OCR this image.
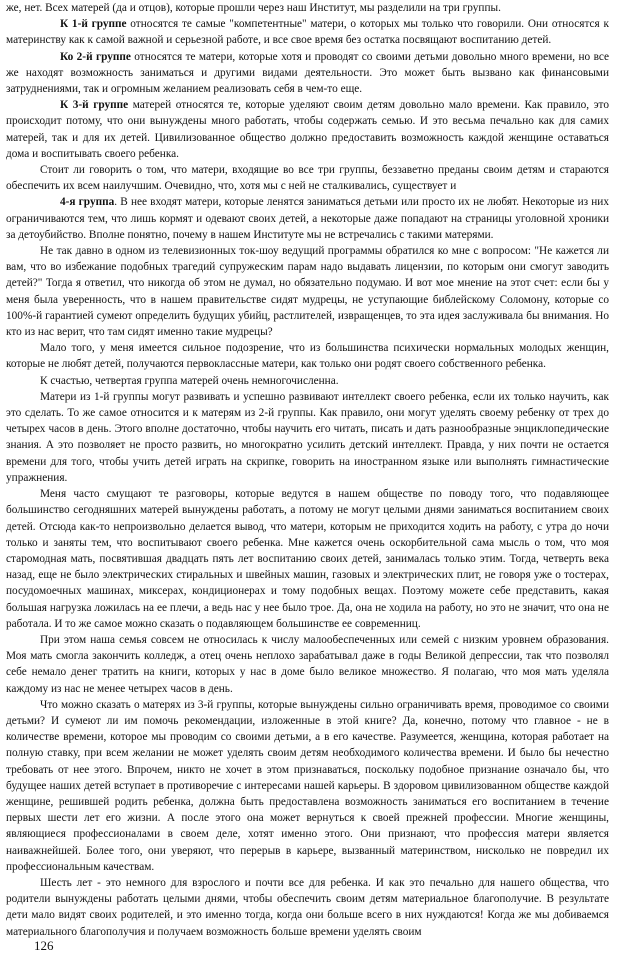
же, нет. Всех матерей (да и отцов), которые прошли через наш Институт, мы разделили на три группы.

К 1-й группе относятся те самые "компетентные" матери, о которых мы только что говорили. Они относятся к материнству как к самой важной и серьезной работе, и все свое время без остатка посвящают воспитанию детей.

Ко 2-й группе относятся те матери, которые хотя и проводят со своими детьми довольно много времени, но все же находят возможность заниматься и другими видами деятельности. Это может быть вызвано как финансовыми затруднениями, так и огромным желанием реализовать себя в чем-то еще.

К 3-й группе матерей относятся те, которые уделяют своим детям довольно мало времени. Как правило, это происходит потому, что они вынуждены много работать, чтобы содержать семью. И это весьма печально как для самих матерей, так и для их детей. Цивилизованное общество должно предоставить возможность каждой женщине оставаться дома и воспитывать своего ребенка.

Стоит ли говорить о том, что матери, входящие во все три группы, беззаветно преданы своим детям и стараются обеспечить их всем наилучшим. Очевидно, что, хотя мы с ней не сталкивались, существует и

4-я группа. В нее входят матери, которые ленятся заниматься детьми или просто их не любят. Некоторые из них ограничиваются тем, что лишь кормят и одевают своих детей, а некоторые даже попадают на страницы уголовной хроники за детоубийство. Вполне понятно, почему в нашем Институте мы не встречались с такими матерями.

Не так давно в одном из телевизионных ток-шоу ведущий программы обратился ко мне с вопросом: "Не кажется ли вам, что во избежание подобных трагедий супружеским парам надо выдавать лицензии, по которым они смогут заводить детей?" Тогда я ответил, что никогда об этом не думал, но обязательно подумаю. И вот мое мнение на этот счет: если бы у меня была уверенность, что в нашем правительстве сидят мудрецы, не уступающие библейскому Соломону, которые со 100%-й гарантией сумеют определить будущих убийц, растлителей, извращенцев, то эта идея заслуживала бы внимания. Но кто из нас верит, что там сидят именно такие мудрецы?

Мало того, у меня имеется сильное подозрение, что из большинства психически нормальных молодых женщин, которые не любят детей, получаются первоклассные матери, как только они родят своего собственного ребенка.

К счастью, четвертая группа матерей очень немногочисленна.

Матери из 1-й группы могут развивать и успешно развивают интеллект своего ребенка, если их только научить, как это сделать. То же самое относится и к матерям из 2-й группы. Как правило, они могут уделять своему ребенку от трех до четырех часов в день. Этого вполне достаточно, чтобы научить его читать, писать и дать разнообразные энциклопедические знания. А это позволяет не просто развить, но многократно усилить детский интеллект. Правда, у них почти не остается времени для того, чтобы учить детей играть на скрипке, говорить на иностранном языке или выполнять гимнастические упражнения.

Меня часто смущают те разговоры, которые ведутся в нашем обществе по поводу того, что подавляющее большинство сегодняшних матерей вынуждены работать, а потому не могут целыми днями заниматься воспитанием своих детей. Отсюда как-то непроизвольно делается вывод, что матери, которым не приходится ходить на работу, с утра до ночи только и заняты тем, что воспитывают своего ребенка. Мне кажется очень оскорбительной сама мысль о том, что моя старомодная мать, посвятившая двадцать пять лет воспитанию своих детей, занималась только этим. Тогда, четверть века назад, еще не было электрических стиральных и швейных машин, газовых и электрических плит, не говоря уже о тостерах, посудомоечных машинах, миксерах, кондиционерах и тому подобных вещах. Поэтому можете себе представить, какая большая нагрузка ложилась на ее плечи, а ведь нас у нее было трое. Да, она не ходила на работу, но это не значит, что она не работала. И то же самое можно сказать о подавляющем большинстве ее современниц.

При этом наша семья совсем не относилась к числу малообеспеченных или семей с низким уровнем образования. Моя мать смогла закончить колледж, а отец очень неплохо зарабатывал даже в годы Великой депрессии, так что позволял себе немало денег тратить на книги, которых у нас в доме было великое множество. Я полагаю, что моя мать уделяла каждому из нас не менее четырех часов в день.

Что можно сказать о матерях из 3-й группы, которые вынуждены сильно ограничивать время, проводимое со своими детьми? И сумеют ли им помочь рекомендации, изложенные в этой книге? Да, конечно, потому что главное - не в количестве времени, которое мы проводим со своими детьми, а в его качестве. Разумеется, женщина, которая работает на полную ставку, при всем желании не может уделять своим детям необходимого количества времени. И было бы нечестно требовать от нее этого. Впрочем, никто не хочет в этом признаваться, поскольку подобное признание означало бы, что будущее наших детей вступает в противоречие с интересами нашей карьеры. В здоровом цивилизованном обществе каждой женщине, решившей родить ребенка, должна быть предоставлена возможность заниматься его воспитанием в течение первых шести лет его жизни. А после этого она может вернуться к своей прежней профессии. Многие женщины, являющиеся профессионалами в своем деле, хотят именно этого. Они признают, что профессия матери является наиважнейшей. Более того, они уверяют, что перерыв в карьере, вызванный материнством, нисколько не повредил их профессиональным качествам.

Шесть лет - это немного для взрослого и почти все для ребенка. И как это печально для нашего общества, что родители вынуждены работать целыми днями, чтобы обеспечить своим детям материальное благополучие. В результате дети мало видят своих родителей, и это именно тогда, когда они больше всего в них нуждаются! Когда же мы добиваемся материального благополучия и получаем возможность больше времени уделять своим

126
